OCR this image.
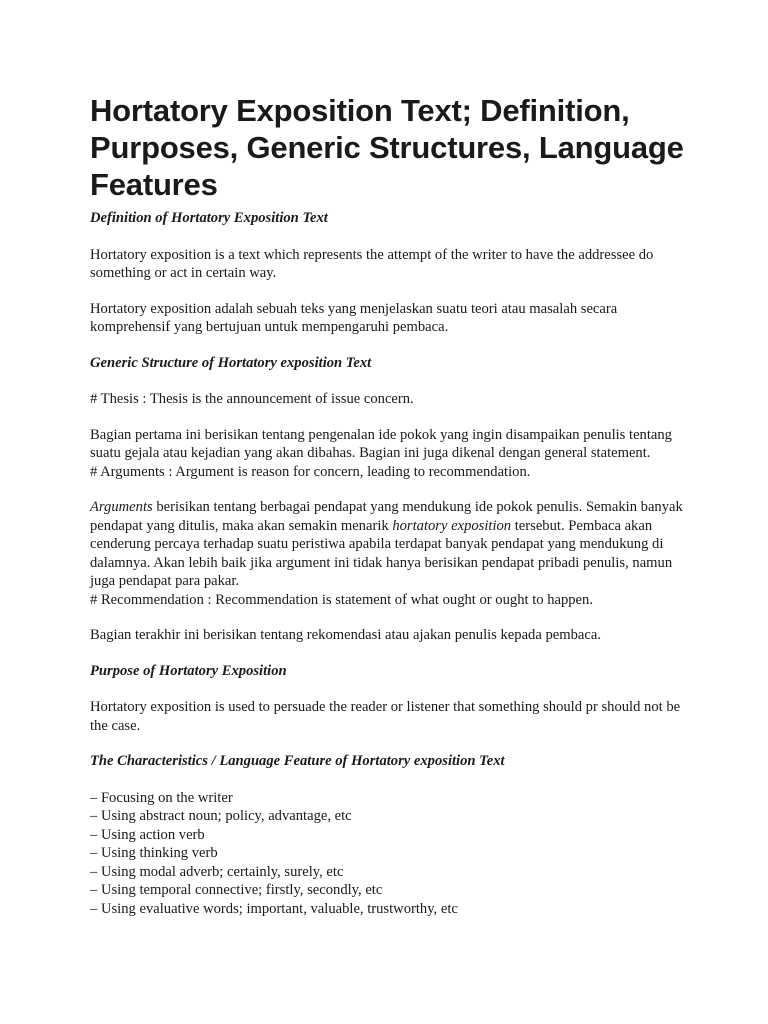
Hortatory Exposition Text; Definition, Purposes, Generic Structures, Language Features

Definition of Hortatory Exposition Text

Hortatory exposition is a text which represents the attempt of the writer to have the addressee do something or act in certain way.

Hortatory exposition adalah sebuah teks yang menjelaskan suatu teori atau masalah secara komprehensif yang bertujuan untuk mempengaruhi pembaca.

Generic Structure of Hortatory exposition Text

# Thesis : Thesis is the announcement of issue concern.

Bagian pertama ini berisikan tentang pengenalan ide pokok yang ingin disampaikan penulis tentang suatu gejala atau kejadian yang akan dibahas. Bagian ini juga dikenal dengan general statement.

# Arguments : Argument is reason for concern, leading to recommendation.

Arguments berisikan tentang berbagai pendapat yang mendukung ide pokok penulis. Semakin banyak pendapat yang ditulis, maka akan semakin menarik hortatory exposition tersebut. Pembaca akan cenderung percaya terhadap suatu peristiwa apabila terdapat banyak pendapat yang mendukung di dalamnya. Akan lebih baik jika argument ini tidak hanya berisikan pendapat pribadi penulis, namun juga pendapat para pakar.

# Recommendation : Recommendation is statement of what ought or ought to happen.

Bagian terakhir ini berisikan tentang rekomendasi atau ajakan penulis kepada pembaca.

Purpose of Hortatory Exposition

Hortatory exposition is used to persuade the reader or listener that something should pr should not be the case.

The Characteristics / Language Feature of Hortatory exposition Text

– Focusing on the writer
– Using abstract noun; policy, advantage, etc
– Using action verb
– Using thinking verb
– Using modal adverb; certainly, surely, etc
– Using temporal connective; firstly, secondly, etc
– Using evaluative words; important, valuable, trustworthy, etc
